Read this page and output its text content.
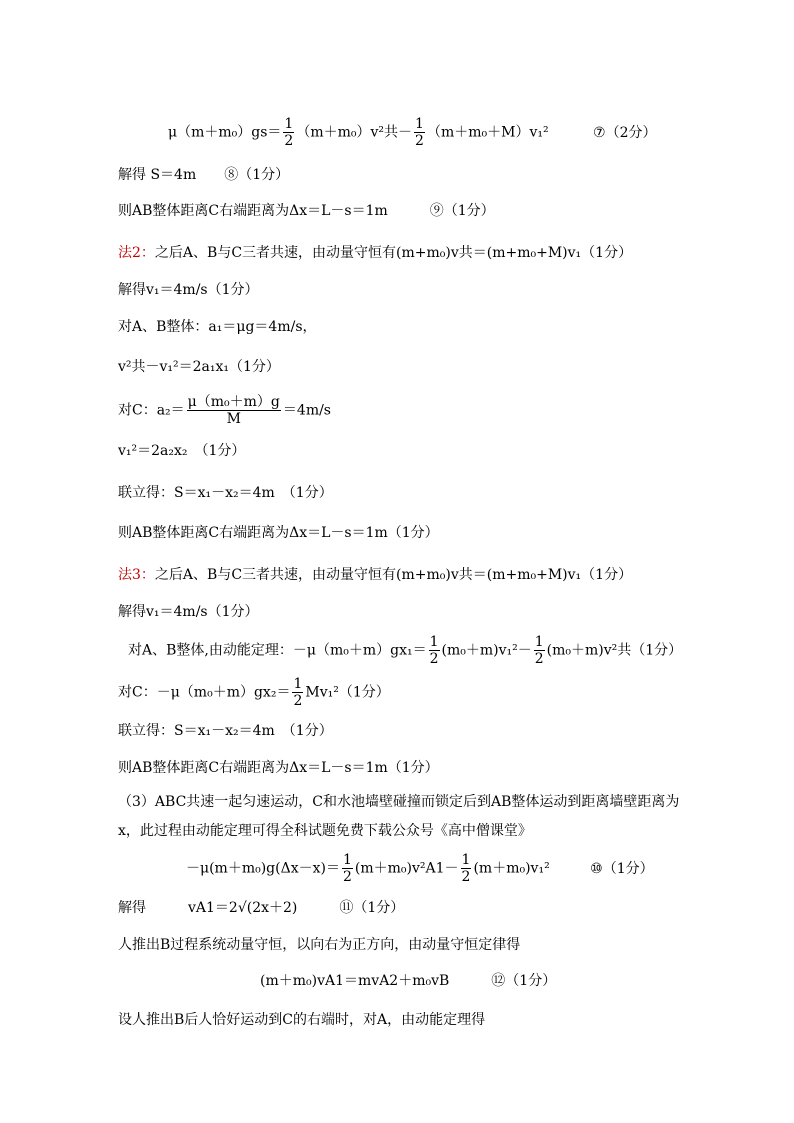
$\mu(m+m_0)gs= \frac{1}{2} (m+m_0)v^2$共－ $\frac{1}{2} (m+m_0+M)v_1^2$	⑦（2分）
解得 S＝4m　　⑧（1分）
则AB整体距离C右端距离为Δx＝L－s＝1m　　　⑨（1分）
法2：之后A、B与C三者共速，由动量守恒有(m+m₀)v共＝(m+m₀+M)v₁（1分）
解得v₁＝4m/s（1分）
对A、B整体：a₁＝μg＝4m/s，
v²共－v₁²＝2a₁x₁（1分）
对C：$a_2= \frac{\text{μ（m₀＋m）g}}{M} =4m/s$
v₁²＝2a₂x₂　（1分）
联立得：S＝x₁－x₂＝4m　（1分）
则AB整体距离C右端距离为Δx＝L－s＝1m（1分）
法3：之后A、B与C三者共速，由动量守恒有(m+m₀)v共＝(m+m₀+M)v₁（1分）
解得v₁＝4m/s（1分）
对A、B整体,由动能定理：$-\mu(m_0+m)gx_1= \frac{1}{2} (m_0+m)v_1^2- \frac{1}{2} (m_0+m)v^2$共（1分）
对C：$-\mu(m_0+m)gx_2= \frac{1}{2} Mv_1^2(1$分）
联立得：S＝x₁－x₂＝4m　（1分）
则AB整体距离C右端距离为Δx＝L－s＝1m（1分）
（3）ABC共速一起匀速运动，C和水池墙壁碰撞而锁定后到AB整体运动到距离墙壁距离为
x，此过程由动能定理可得全科试题免费下载公众号《高中僧课堂》
$-\mu(m+m_0)g(\Delta x-x)= \frac{1}{2} (m+m_0)v^2A1- \frac{1}{2} (m+m_0)v_1^2$	⑩（1分）
解得　　　vA1＝2√(2x＋2)　　　⑪（1分）
人推出B过程系统动量守恒，以向右为正方向，由动量守恒定律得
(m＋m₀)vA1＝mvA2＋m₀vB　　　⑫（1分）
设人推出B后人恰好运动到C的右端时，对A，由动能定理得
